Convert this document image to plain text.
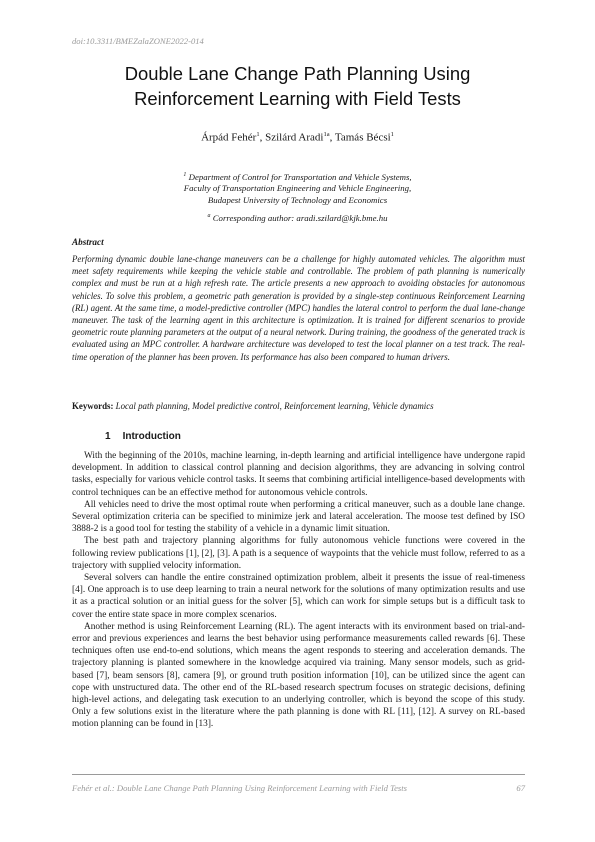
doi:10.3311/BMEZalaZONE2022-014
Double Lane Change Path Planning Using
Reinforcement Learning with Field Tests
Árpád Fehér$^1$, Szilárd Aradi$^{1a}$, Tamás Bécsi$^1$
$^1$ Department of Control for Transportation and Vehicle Systems,
Faculty of Transportation Engineering and Vehicle Engineering,
Budapest University of Technology and Economics
$^a$ Corresponding author: aradi.szilard@kjk.bme.hu
Abstract
Performing dynamic double lane-change maneuvers can be a challenge for highly automated vehicles. The algorithm must meet safety requirements while keeping the vehicle stable and controllable. The problem of path planning is numerically complex and must be run at a high refresh rate. The article presents a new approach to avoiding obstacles for autonomous vehicles. To solve this problem, a geometric path generation is provided by a single-step continuous Reinforcement Learning (RL) agent. At the same time, a model-predictive controller (MPC) handles the lateral control to perform the dual lane-change maneuver. The task of the learning agent in this architecture is optimization. It is trained for different scenarios to provide geometric route planning parameters at the output of a neural network. During training, the goodness of the generated track is evaluated using an MPC controller. A hardware architecture was developed to test the local planner on a test track. The real-time operation of the planner has been proven. Its performance has also been compared to human drivers.
Keywords: Local path planning, Model predictive control, Reinforcement learning, Vehicle dynamics
1 Introduction

With the beginning of the 2010s, machine learning, in-depth learning and artificial intelligence have undergone rapid development. In addition to classical control planning and decision algorithms, they are advancing in solving control tasks, especially for various vehicle control tasks. It seems that combining artificial intelligence-based developments with control techniques can be an effective method for autonomous vehicle controls.

All vehicles need to drive the most optimal route when performing a critical maneuver, such as a double lane change. Several optimization criteria can be specified to minimize jerk and lateral acceleration. The moose test defined by ISO 3888-2 is a good tool for testing the stability of a vehicle in a dynamic limit situation.

The best path and trajectory planning algorithms for fully autonomous vehicle functions were covered in the following review publications [1], [2], [3]. A path is a sequence of waypoints that the vehicle must follow, referred to as a trajectory with supplied velocity information.

Several solvers can handle the entire constrained optimization problem, albeit it presents the issue of real-timeness [4]. One approach is to use deep learning to train a neural network for the solutions of many optimization results and use it as a practical solution or an initial guess for the solver [5], which can work for simple setups but is a difficult task to cover the entire state space in more complex scenarios.

Another method is using Reinforcement Learning (RL). The agent interacts with its environment based on trial-and-error and previous experiences and learns the best behavior using performance measurements called rewards [6]. These techniques often use end-to-end solutions, which means the agent responds to steering and acceleration demands. The trajectory planning is planted somewhere in the knowledge acquired via training. Many sensor models, such as grid-based [7], beam sensors [8], camera [9], or ground truth position information [10], can be utilized since the agent can cope with unstructured data. The other end of the RL-based research spectrum focuses on strategic decisions, defining high-level actions, and delegating task execution to an underlying controller, which is beyond the scope of this study. Only a few solutions exist in the literature where the path planning is done with RL [11], [12]. A survey on RL-based motion planning can be found in [13].

Fehér et al.: Double Lane Change Path Planning Using Reinforcement Learning with Field Tests	67
